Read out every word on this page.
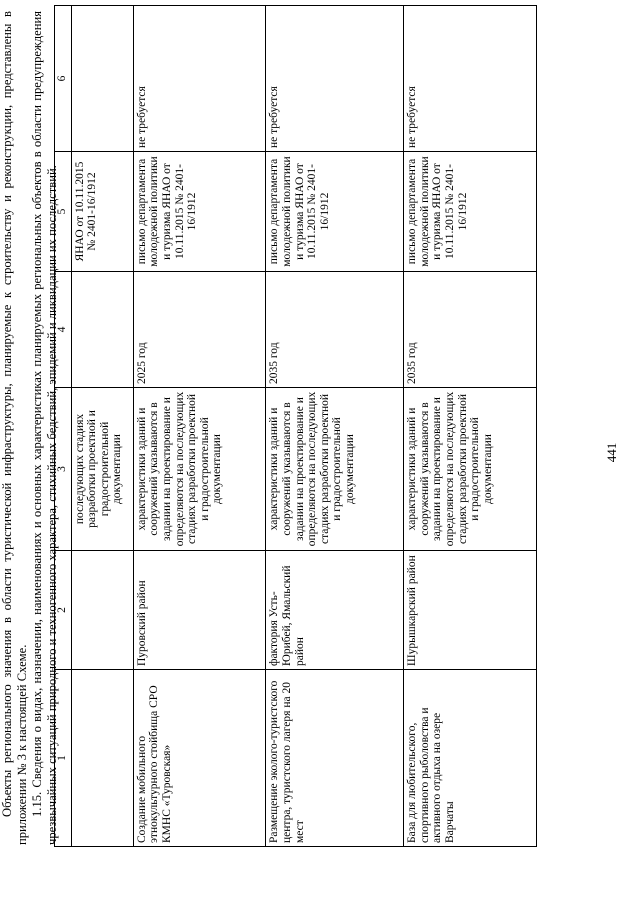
1	2	3	4	5	6
		последующих стадиях разработки проектной и градостроительной документации		ЯНАО от 10.11.2015 № 2401-16/1912	
Создание мобильного этнокультурного стойбища СРО КМНС «Туровская»	Пуровский район	характеристики зданий и сооружений указываются в задании на проектирование и определяются на последующих стадиях разработки проектной и градостроительной документации	2025 год	письмо департамента молодежной политики и туризма ЯНАО от 10.11.2015 № 2401-16/1912	не требуется
Размещение эколого-туристского центра, туристского лагеря на 20 мест	фактория Усть-Юрибей, Ямальский район	характеристики зданий и сооружений указываются в задании на проектирование и определяются на последующих стадиях разработки проектной и градостроительной документации	2035 год	письмо департамента молодежной политики и туризма ЯНАО от 10.11.2015 № 2401-16/1912	не требуется
База для любительского, спортивного рыболовства и активного отдыха на озере Варчаты	Шурышкарский район	характеристики зданий и сооружений указываются в задании на проектирование и определяются на последующих стадиях разработки проектной и градостроительной документации	2035 год	письмо департамента молодежной политики и туризма ЯНАО от 10.11.2015 № 2401-16/1912	не требуется
441

Объекты регионального значения в области туристической инфраструктуры, планируемые к строительству и реконструкции, представлены в приложении № 3 к настоящей Схеме. 1.15. Сведения о видах, назначении, наименованиях и основных характеристиках планируемых региональных объектов в области предупреждения чрезвычайных ситуаций природного и техногенного характера, стихийных бедствий, эпидемий и ликвидации их последствий.
